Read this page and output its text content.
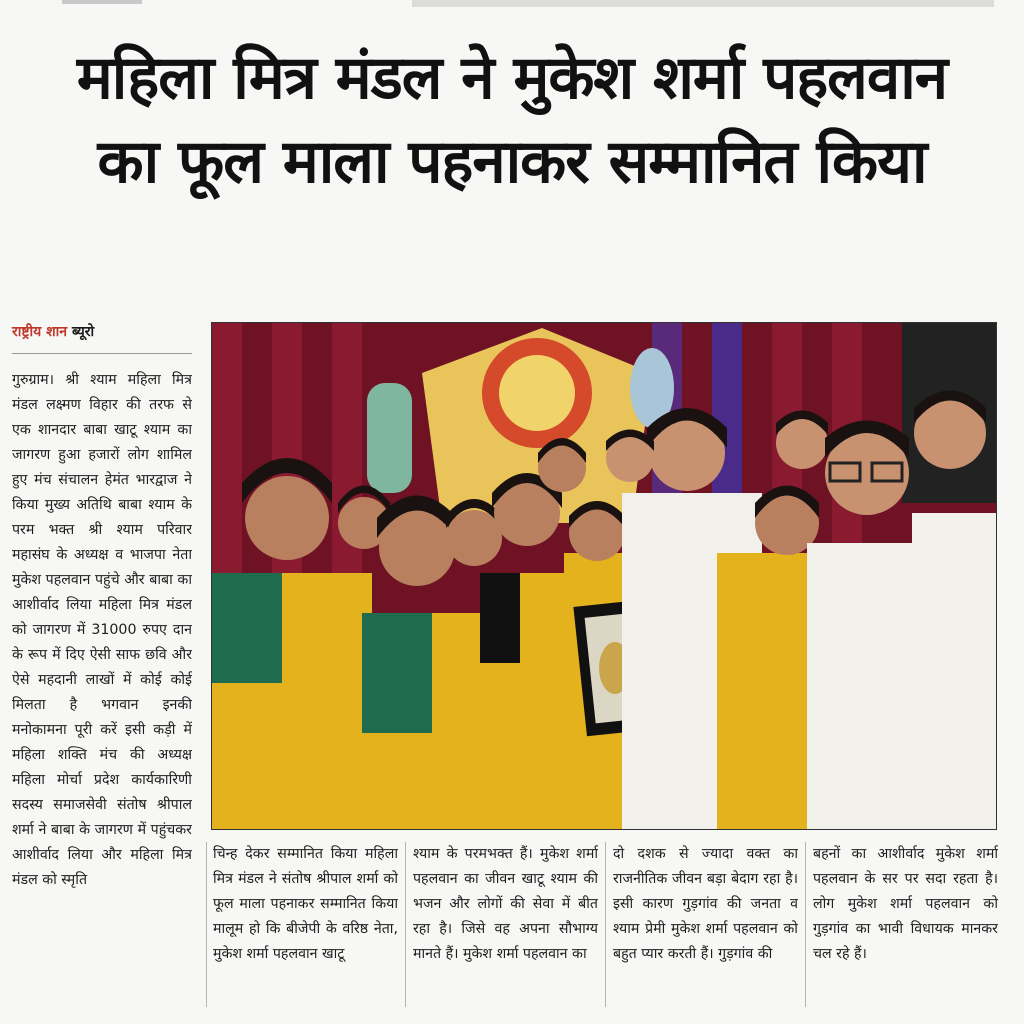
महिला मित्र मंडल ने मुकेश शर्मा पहलवान
का फूल माला पहनाकर सम्मानित किया
राष्ट्रीय शान ब्यूरो
गुरुग्राम। श्री श्याम महिला मित्र मंडल लक्ष्मण विहार की तरफ से एक शानदार बाबा खाटू श्याम का जागरण हुआ हजारों लोग शामिल हुए मंच संचालन हेमंत भारद्वाज ने किया मुख्य अतिथि बाबा श्याम के परम भक्त श्री श्याम परिवार महासंघ के अध्यक्ष व भाजपा नेता मुकेश पहलवान पहुंचे और बाबा का आशीर्वाद लिया महिला मित्र मंडल को जागरण में 31000 रुपए दान के रूप में दिए ऐसी साफ छवि और ऐसे महदानी लाखों में कोई कोई मिलता है भगवान इनकी मनोकामना पूरी करें इसी कड़ी में महिला शक्ति मंच की अध्यक्ष महिला मोर्चा प्रदेश कार्यकारिणी सदस्य समाजसेवी संतोष श्रीपाल शर्मा ने बाबा के जागरण में पहुंचकर आशीर्वाद लिया और महिला मित्र मंडल को स्मृति
चिन्ह देकर सम्मानित किया महिला मित्र मंडल ने संतोष श्रीपाल शर्मा को फूल माला पहनाकर सम्मानित किया मालूम हो कि बीजेपी के वरिष्ठ नेता, मुकेश शर्मा पहलवान खाटू
श्याम के परमभक्त हैं। मुकेश शर्मा पहलवान का जीवन खाटू श्याम की भजन और लोगों की सेवा में बीत रहा है। जिसे वह अपना सौभाग्य मानते हैं। मुकेश शर्मा पहलवान का
दो दशक से ज्यादा वक्त का राजनीतिक जीवन बड़ा बेदाग रहा है। इसी कारण गुड़गांव की जनता व श्याम प्रेमी मुकेश शर्मा पहलवान को बहुत प्यार करती हैं। गुड़गांव की
बहनों का आशीर्वाद मुकेश शर्मा पहलवान के सर पर सदा रहता है। लोग मुकेश शर्मा पहलवान को गुड़गांव का भावी विधायक मानकर चल रहे हैं।
